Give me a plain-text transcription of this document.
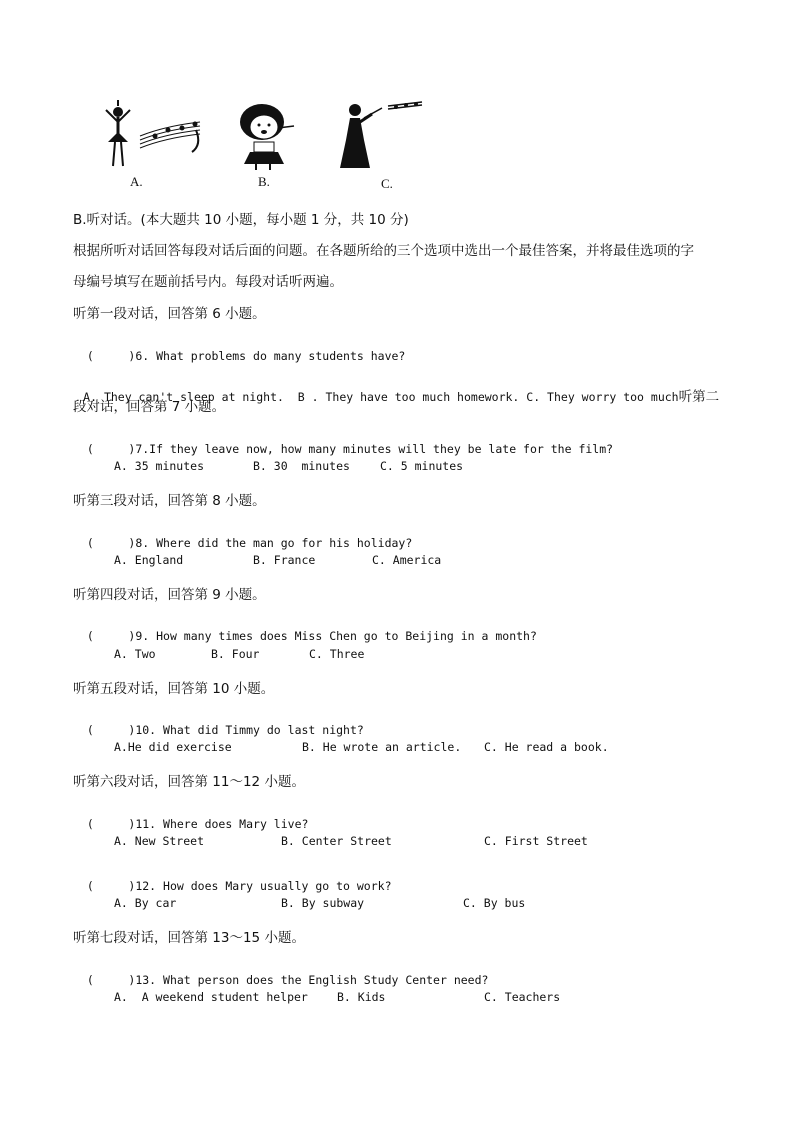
A.	B.	C.
B.听对话。(本大题共 10 小题，每小题 1 分，共 10 分)
根据所听对话回答每段对话后面的问题。在各题所给的三个选项中选出一个最佳答案，并将最佳选项的字
母编号填写在题前括号内。每段对话听两遍。
听第一段对话，回答第 6 小题。

(     )6. What problems do many students have?

A. They can't sleep at night.  B . They have too much homework. C. They worry too much听第二

段对话，回答第 7 小题。

(     )7.If they leave now, how many minutes will they be late for the film?

A. 35 minutes	B. 30  minutes	C. 5 minutes
听第三段对话，回答第 8 小题。

(     )8. Where did the man go for his holiday?

A. England	B. France	C. America
听第四段对话，回答第 9 小题。

(     )9. How many times does Miss Chen go to Beijing in a month?

A. Two	B. Four	C. Three
听第五段对话，回答第 10 小题。

(     )10. What did Timmy do last night?

A.He did exercise	B. He wrote an article. C. He read a book.
听第六段对话，回答第 11～12 小题。

(     )11. Where does Mary live?

A. New Street	B. Center Street	C. First Street

(     )12. How does Mary usually go to work?

A. By car	B. By subway	C. By bus
听第七段对话，回答第 13～15 小题。

(     )13. What person does the English Study Center need?

A.  A weekend student helper	B. Kids	C. Teachers
